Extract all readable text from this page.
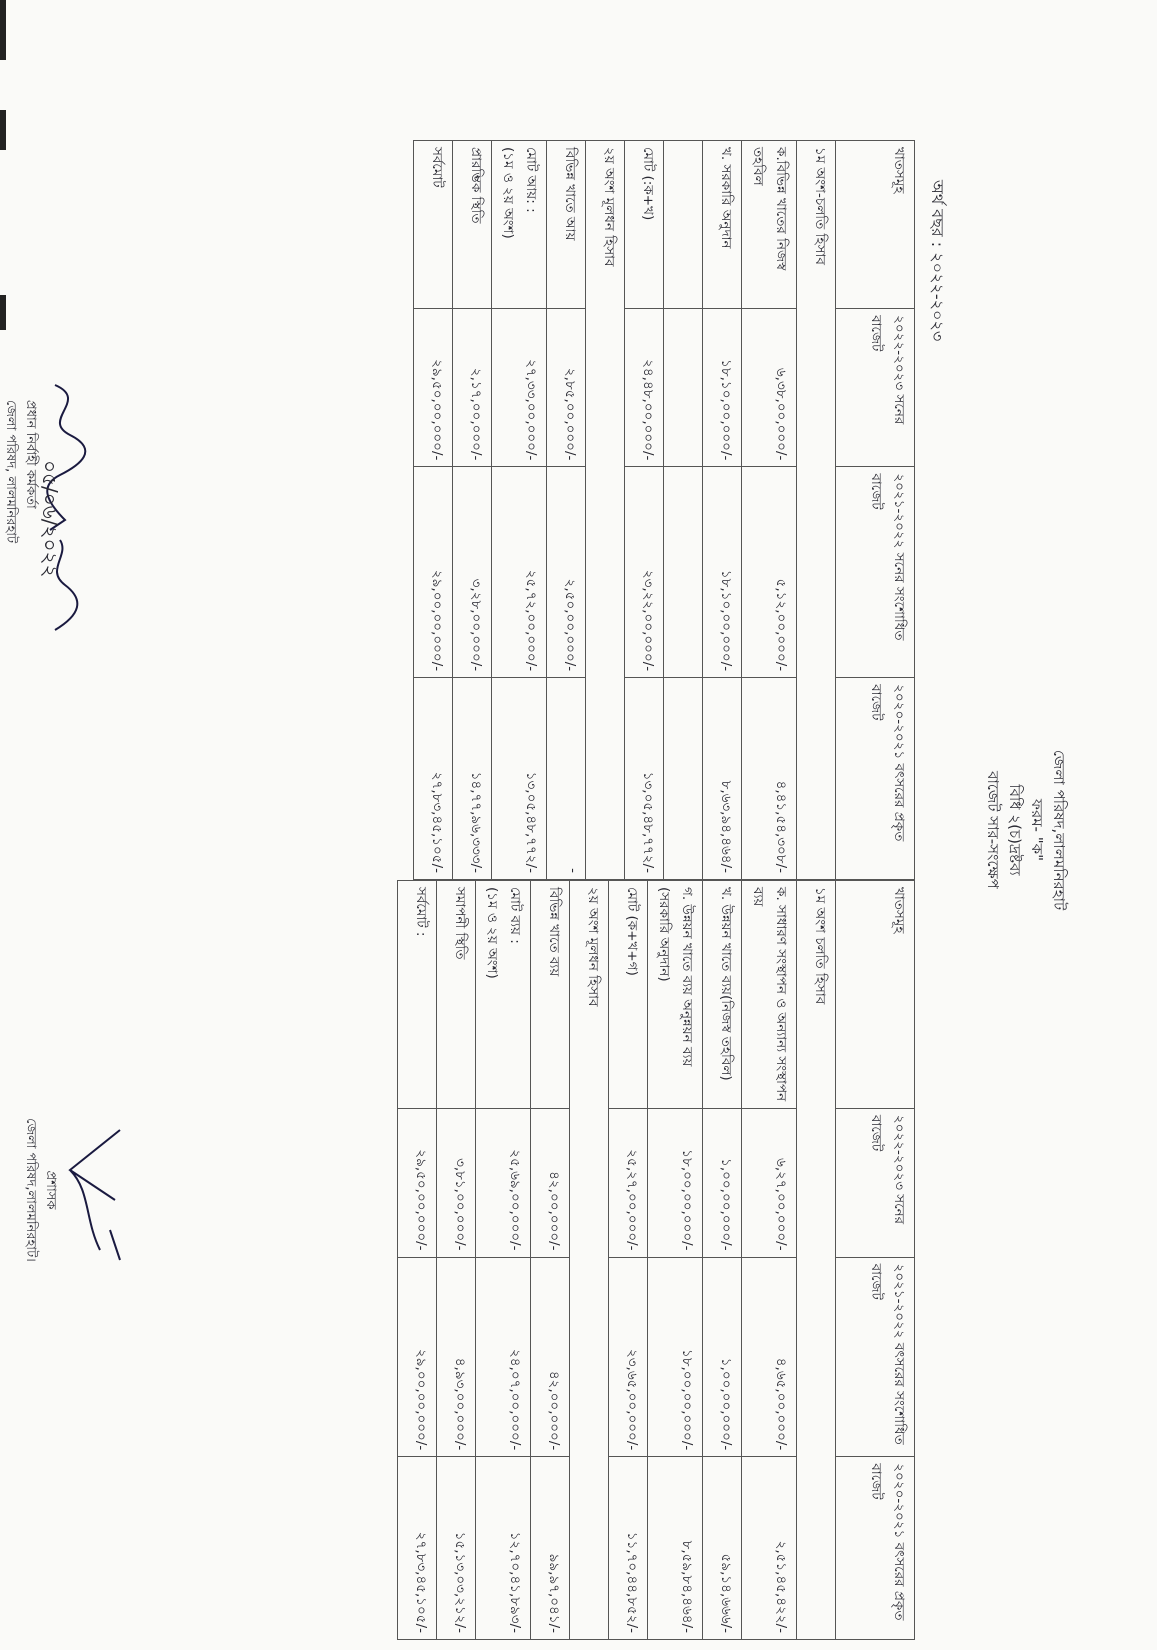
জেলা পরিষদ,লালমনিরহাট
ফরম- "ক"
বিধি ২(চ)দ্রষ্টব্য
বাজেট সার-সংক্ষেপ
অর্থ বছর : ২০২২-২০২৩
খাতসমূহ	২০২২-২০২৩ সনের বাজেট	২০২১-২০২২ সনের সংশোধিত বাজেট	২০২০-২০২১ বৎসরের প্রকৃত বাজেট
১ম অংশ-চলতি হিসাব			
ক.বিভিন্ন খাতের নিজস্ব তহবিল	৬,৩৮,০০,০০০/-	৫,১২,০০,০০০/-	৪,৪১,৫৪,৩০৮/-
খ. সরকারি অনুদান	১৮,১০,০০,০০০/-	১৮,১০,০০,০০০/-	৮,৬৩,৯৪,৪৬৪/-

মোট (:ক+খ)	২৪,৪৮,০০,০০০/-	২৩,২২,০০,০০০/-	১৩,০৫,৪৮,৭৭২/-
২য় অংশ মূলধন হিসাব			
বিভিন্ন খাতে আয়	২,৮৫,০০,০০০/-	২,৫০,০০,০০০/-	-
মোট আয়: :
(১ম ও ২য় অংশ)	২৭,৩৩,০০,০০০/-	২৫,৭২,০০,০০০/-	১৩,০৫,৪৮,৭৭২/-
প্রারম্ভিক স্থিতি	২,১৭,০০,০০০/-	৩,২৮,০০,০০০/-	১৪,৭৭,৯৬,৩৩৩/-
সর্বমোট	২৯,৫০,০০,০০০/-	২৯,০০,০০,০০০/-	২৭,৮৩,৪৫,১০৫/-
খাতসমূহ	২০২২-২০২৩ সনের বাজেট	২০২১-২০২২ বৎসরের সংশোধিত বাজেট	২০২০-২০২১ বৎসরের প্রকৃত বাজেট
১ম অংশ চলতি হিসাব			
ক. সাধারণ সংস্থাপন ও অন্যান্য সংস্থাপন ব্যয়	৬,২৭,০০,০০০/-	৪,৬৫,০০,০০০/-	২,৫১,৪৫,৪২২/-
খ. উন্নয়ন খাতে ব্যয়(নিজস্ব তহবিল)	১,০০,০০,০০০/-	১,০০,০০,০০০/-	৫৯,১৪,৬৬৬/-
গ. উন্নয়ন খাতে ব্যয় অনুন্নয়ন ব্যয় (সরকারি অনুদান)	১৮,০০,০০,০০০/-	১৮,০০,০০,০০০/-	৮,৫৯,৮৪,৪৬৪/-
মোট (ক+খ+গ)	২৫,২৭,০০,০০০/-	২৩,৬৫,০০,০০০/-	১১,৭০,৪৪,৮৫২/-
২য় অংশ মূলধন হিসাব			
বিভিন্ন খাতে ব্যয়	৪২,০০,০০০/-	৪২,০০,০০০/-	৯৯,৯৭,০৪১/-
মোট ব্যয় :
(১ম ও ২য় অংশ)	২৫,৬৯,০০,০০০/-	২৪,০৭,০০,০০০/-	১২,৭০,৪১,৮৯৩/-
সমাপনী স্থিতি	৩,৮১,০০,০০০/-	৪,৯৩,০০,০০০/-	১৫,১৩,০৩,২১২/-
সর্বমোট :	২৯,৫০,০০,০০০/-	২৯,০০,০০,০০০/-	২৭,৮৩,৪৫,১০৫/-
০৫/০৬/২০২২
প্রধান নির্বাহী কর্মকর্তা
জেলা পরিষদ, লালমনিরহাট
প্রশাসক
জেলা পরিষদ,লালমনিরহাট।
